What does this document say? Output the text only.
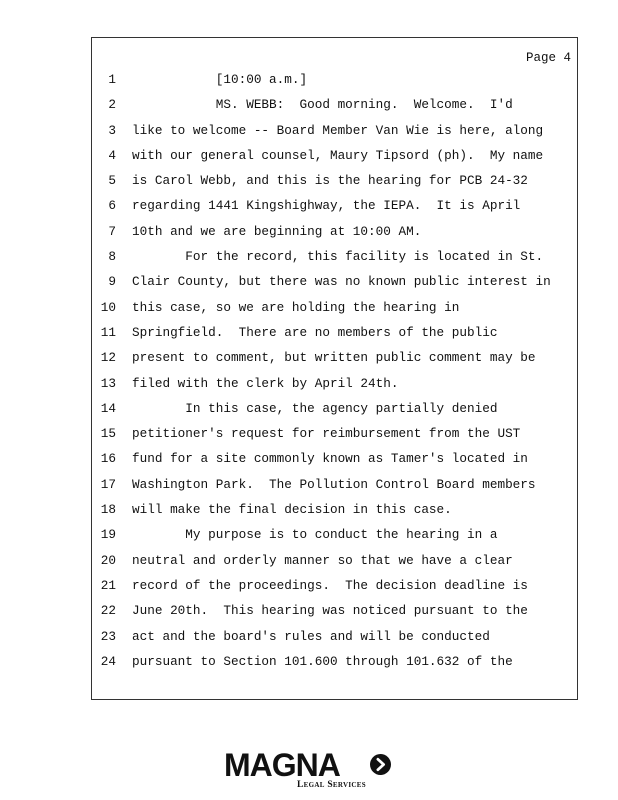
Page 4
1 [10:00 a.m.]
2 MS. WEBB:  Good morning.  Welcome.  I'd
3 like to welcome -- Board Member Van Wie is here, along
4 with our general counsel, Maury Tipsord (ph).  My name
5 is Carol Webb, and this is the hearing for PCB 24-32
6 regarding 1441 Kingshighway, the IEPA.  It is April
7 10th and we are beginning at 10:00 AM.
8 For the record, this facility is located in St.
9 Clair County, but there was no known public interest in
10 this case, so we are holding the hearing in
11 Springfield.  There are no members of the public
12 present to comment, but written public comment may be
13 filed with the clerk by April 24th.
14 In this case, the agency partially denied
15 petitioner's request for reimbursement from the UST
16 fund for a site commonly known as Tamer's located in
17 Washington Park.  The Pollution Control Board members
18 will make the final decision in this case.
19 My purpose is to conduct the hearing in a
20 neutral and orderly manner so that we have a clear
21 record of the proceedings.  The decision deadline is
22 June 20th.  This hearing was noticed pursuant to the
23 act and the board's rules and will be conducted
24 pursuant to Section 101.600 through 101.632 of the
MAGNA
Legal Services
